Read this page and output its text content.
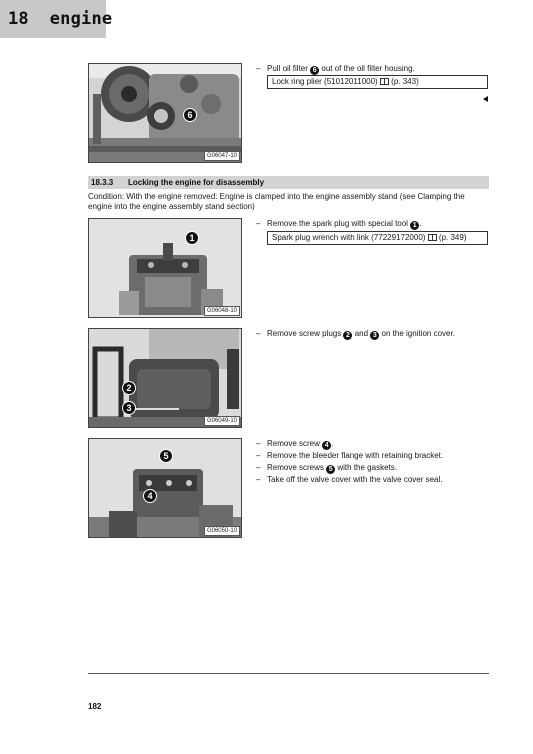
18
engine
6
G06047-10
– Pull oil filter 6 out of the oil filter housing.
Lock ring plier (51012011000) (p. 343)
18.3.3 Locking the engine for disassembly
Condition: With the engine removed: Engine is clamped into the engine assembly stand (see Clamping the engine into the engine assembly stand section)
1
G06048-10
– Remove the spark plug with special tool 1 .
Spark plug wrench with link (77229172000) (p. 349)
2
3
G06049-10
– Remove screw plugs 2 and 3 on the ignition cover.
5
4
G06050-10
– Remove screw 4 .
– Remove the bleeder flange with retaining bracket.
– Remove screws 5 with the gaskets.
– Take off the valve cover with the valve cover seal.
182
